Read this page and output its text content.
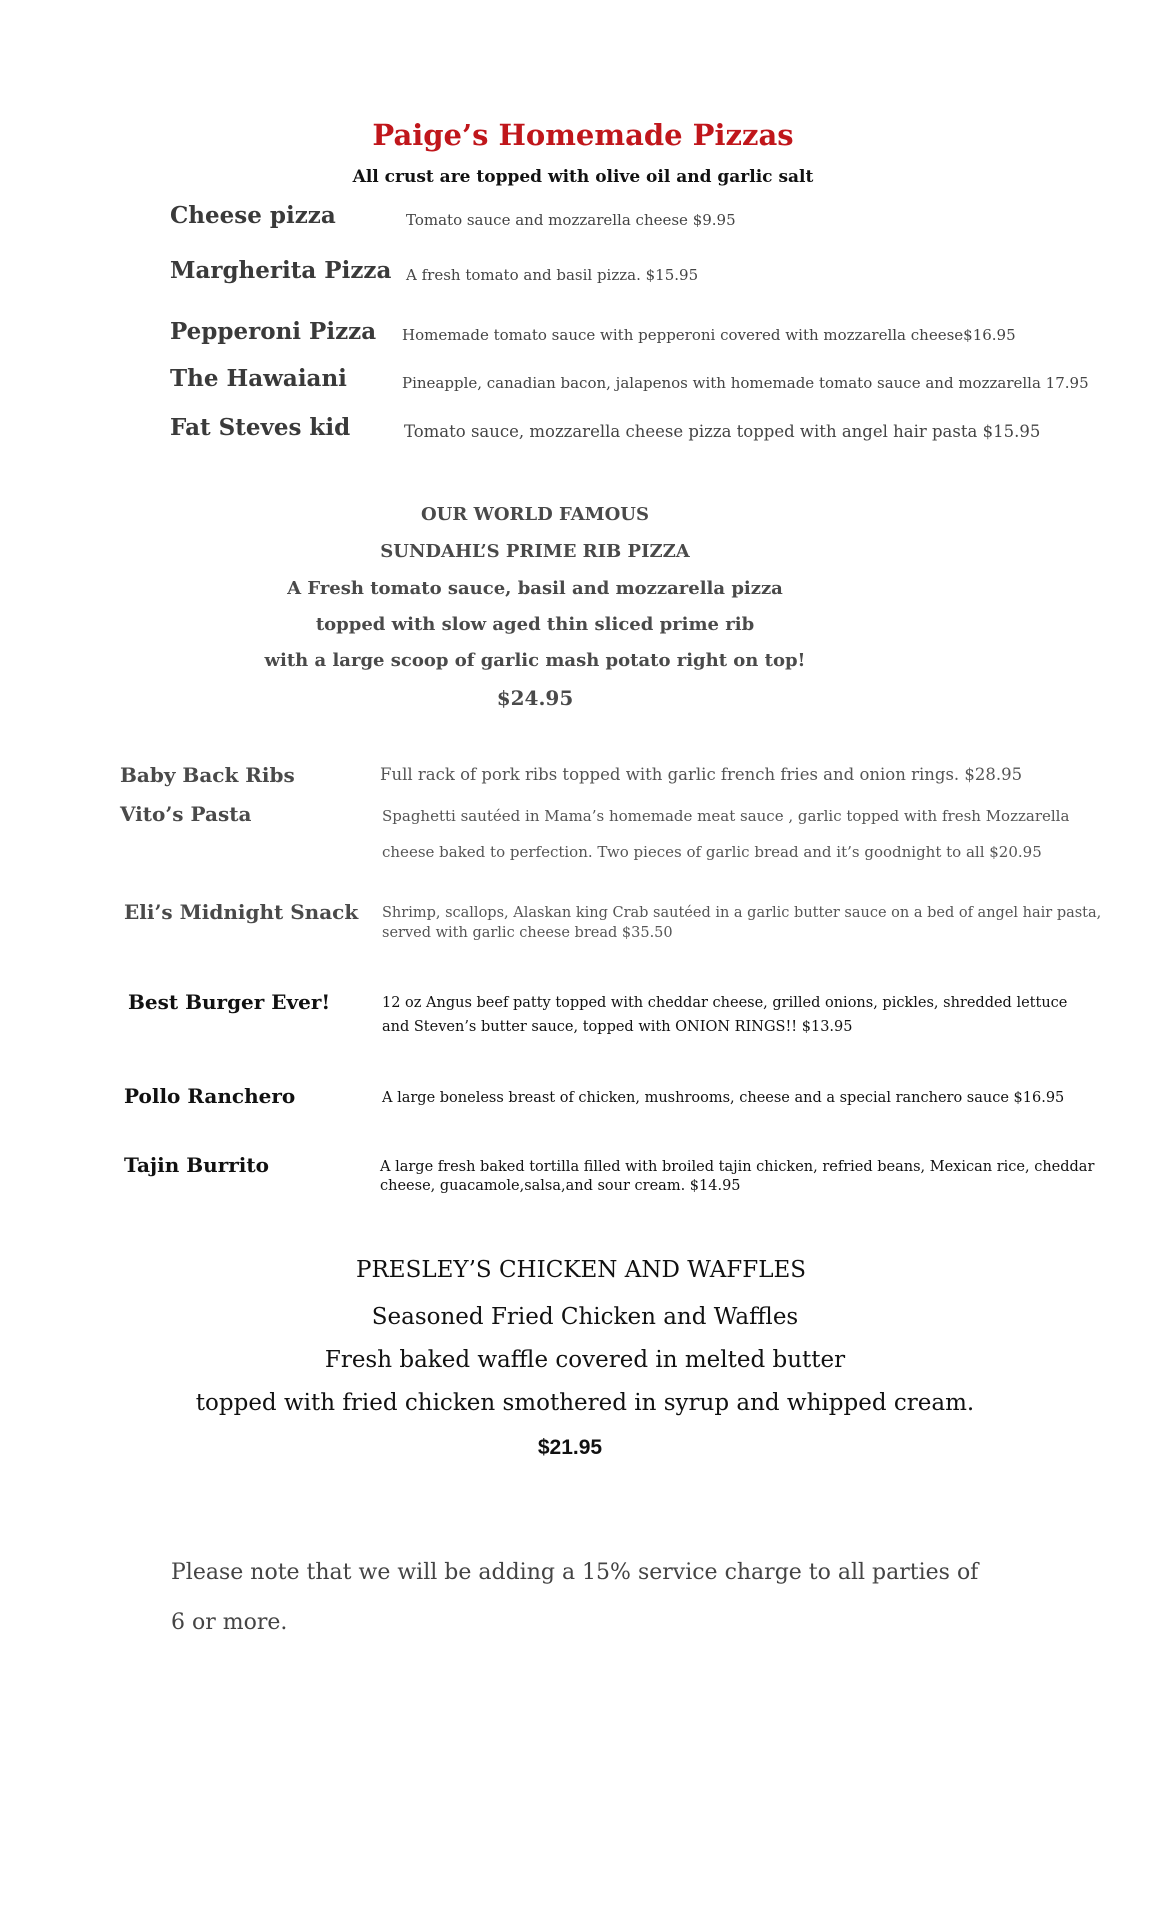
Paige’s Homemade Pizzas
All crust are topped with olive oil and garlic salt
Cheese pizza	Tomato sauce and mozzarella cheese $9.95
Margherita Pizza A fresh tomato and basil pizza. $15.95
Pepperoni Pizza Homemade tomato sauce with pepperoni covered with mozzarella cheese$16.95
The Hawaiani	Pineapple, canadian bacon, jalapenos with homemade tomato sauce and mozzarella 17.95
Fat Steves kid	Tomato sauce, mozzarella cheese pizza topped with angel hair pasta $15.95
OUR WORLD FAMOUS
SUNDAHL’S PRIME RIB PIZZA
A Fresh tomato sauce, basil and mozzarella pizza
topped with slow aged thin sliced prime rib
with a large scoop of garlic mash potato right on top!
$24.95
Baby Back Ribs	Full rack of pork ribs topped with garlic french fries and onion rings. $28.95
Vito’s Pasta	Spaghetti sautéed in Mama’s homemade meat sauce , garlic topped with fresh Mozzarella
cheese baked to perfection. Two pieces of garlic bread and it’s goodnight to all $20.95
Eli’s Midnight Snack Shrimp, scallops, Alaskan king Crab sautéed in a garlic butter sauce on a bed of angel hair pasta,
served with garlic cheese bread $35.50
Best Burger Ever!	12 oz Angus beef patty topped with cheddar cheese, grilled onions, pickles, shredded lettuce
and Steven’s butter sauce, topped with ONION RINGS!! $13.95
Pollo Ranchero	A large boneless breast of chicken, mushrooms, cheese and a special ranchero sauce $16.95
Tajin Burrito	A large fresh baked tortilla filled with broiled tajin chicken, refried beans, Mexican rice, cheddar
cheese, guacamole,salsa,and sour cream. $14.95
PRESLEY’S CHICKEN AND WAFFLES
Seasoned Fried Chicken and Waffles
Fresh baked waffle covered in melted butter
topped with fried chicken smothered in syrup and whipped cream.
$21.95
Please note that we will be adding a 15% service charge to all parties of
6 or more.
